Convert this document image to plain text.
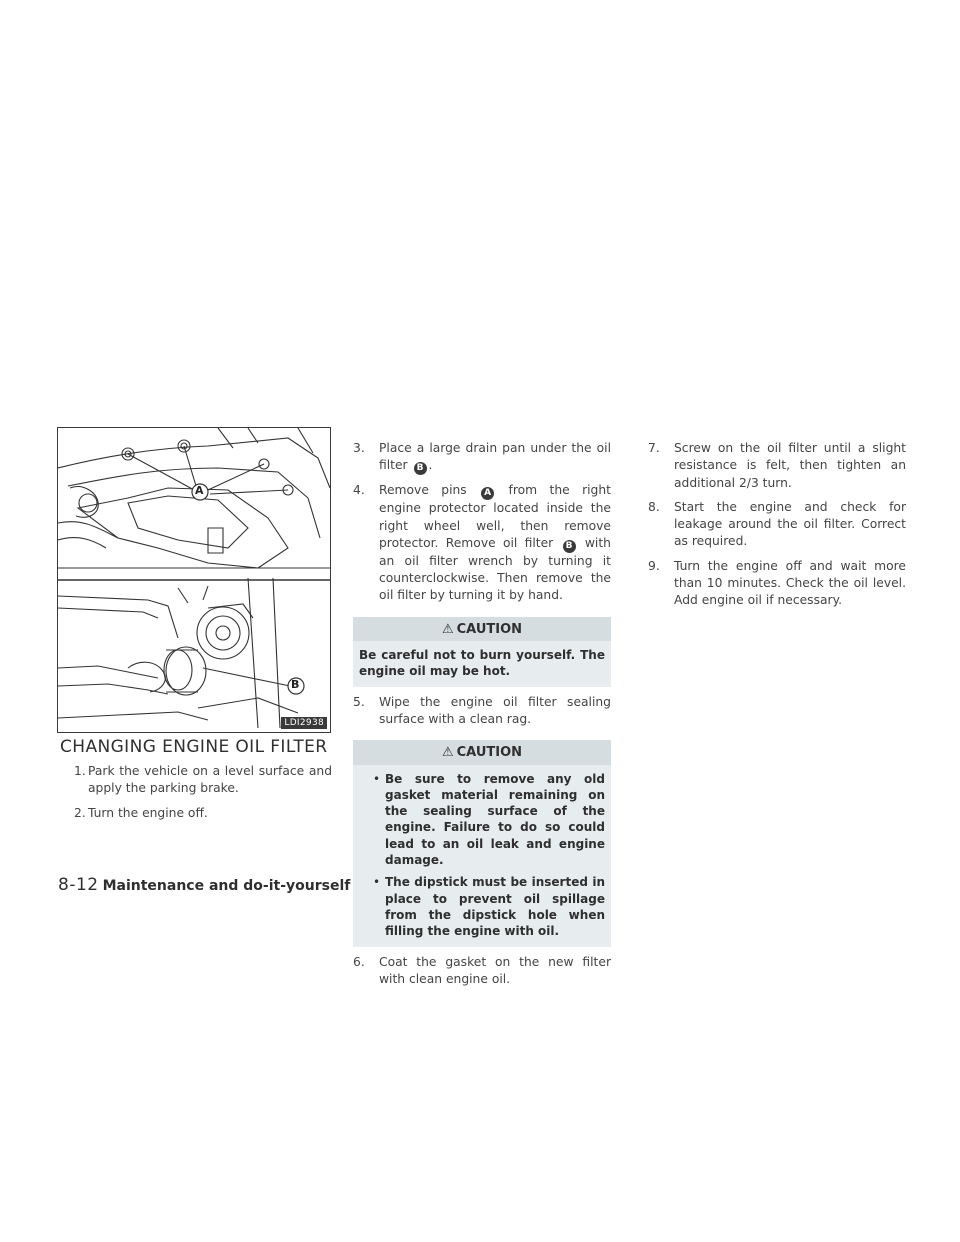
A
B
LDI2938
CHANGING ENGINE OIL FILTER
1. Park the vehicle on a level surface and apply the parking brake.
2. Turn the engine off.
3. Place a large drain pan under the oil filter B .
4. Remove pins A from the right engine protector located inside the right wheel well, then remove protector. Remove oil filter B with an oil filter wrench by turning it counterclockwise. Then remove the oil filter by turning it by hand.
⚠ CAUTION
Be careful not to burn yourself. The engine oil may be hot.
5. Wipe the engine oil filter sealing surface with a clean rag.
⚠ CAUTION
• Be sure to remove any old gasket material remaining on the sealing surface of the engine. Failure to do so could lead to an oil leak and engine damage.
• The dipstick must be inserted in place to prevent oil spillage from the dipstick hole when filling the engine with oil.
6. Coat the gasket on the new filter with clean engine oil.
7. Screw on the oil filter until a slight resistance is felt, then tighten an additional 2/3 turn.
8. Start the engine and check for leakage around the oil filter. Correct as required.
9. Turn the engine off and wait more than 10 minutes. Check the oil level. Add engine oil if necessary.
8-12 Maintenance and do-it-yourself
